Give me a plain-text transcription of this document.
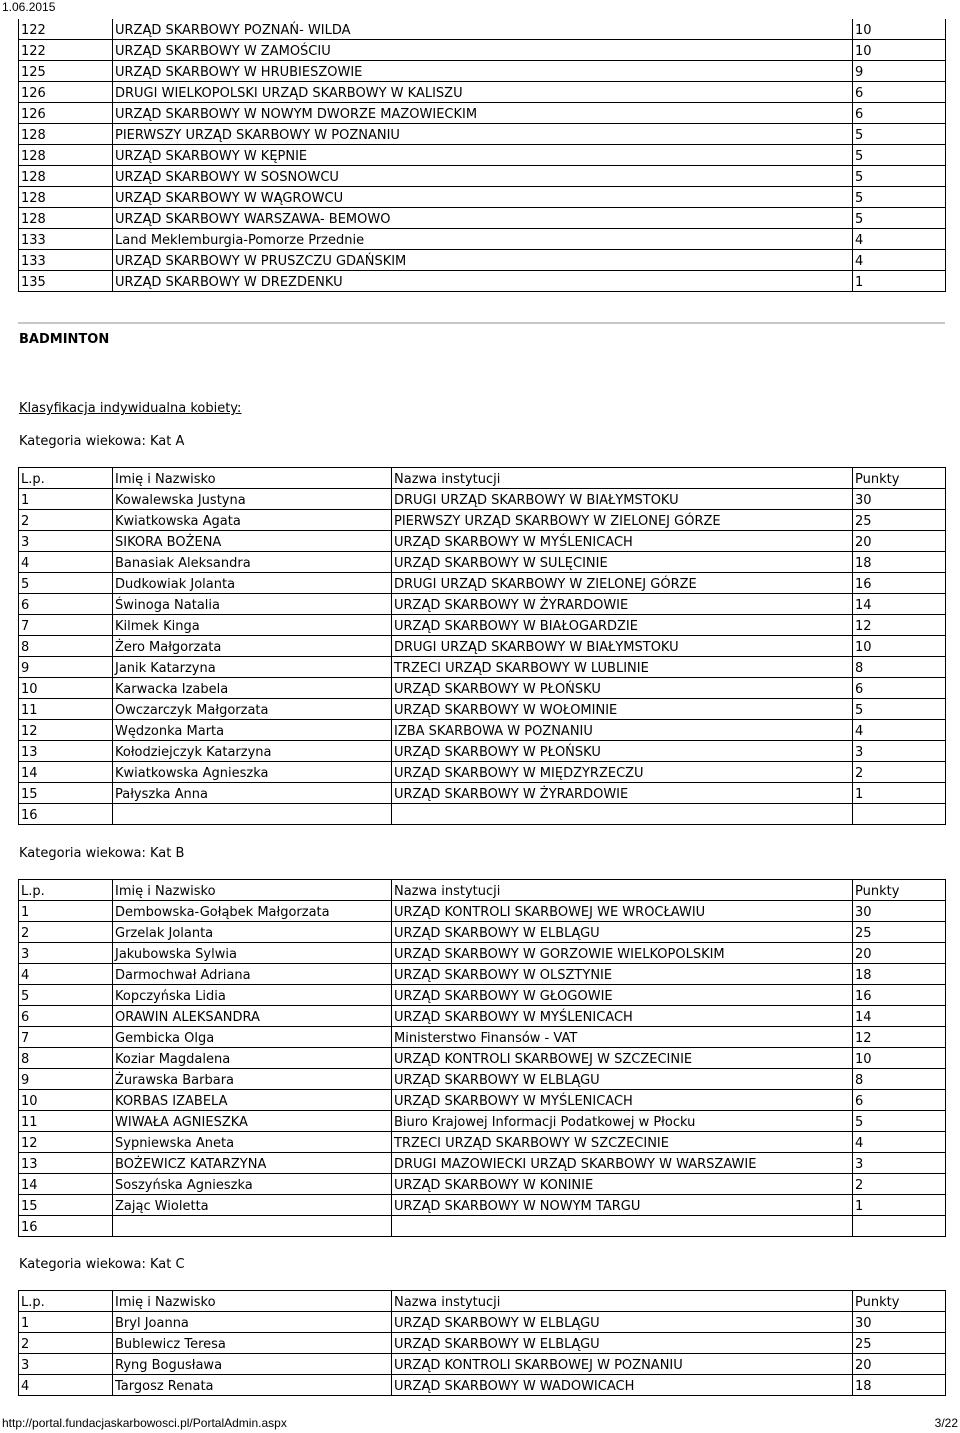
1.06.2015
122	URZĄD SKARBOWY POZNAŃ- WILDA	10
122	URZĄD SKARBOWY W ZAMOŚCIU	10
125	URZĄD SKARBOWY W HRUBIESZOWIE	9
126	DRUGI WIELKOPOLSKI URZĄD SKARBOWY W KALISZU	6
126	URZĄD SKARBOWY W NOWYM DWORZE MAZOWIECKIM	6
128	PIERWSZY URZĄD SKARBOWY W POZNANIU	5
128	URZĄD SKARBOWY W KĘPNIE	5
128	URZĄD SKARBOWY W SOSNOWCU	5
128	URZĄD SKARBOWY W WĄGROWCU	5
128	URZĄD SKARBOWY WARSZAWA- BEMOWO	5
133	Land Meklemburgia-Pomorze Przednie	4
133	URZĄD SKARBOWY W PRUSZCZU GDAŃSKIM	4
135	URZĄD SKARBOWY W DREZDENKU	1
BADMINTON
Klasyfikacja indywidualna kobiety:
Kategoria wiekowa: Kat A
L.p.	Imię i Nazwisko	Nazwa instytucji	Punkty
1	Kowalewska Justyna	DRUGI URZĄD SKARBOWY W BIAŁYMSTOKU	30
2	Kwiatkowska Agata	PIERWSZY URZĄD SKARBOWY W ZIELONEJ GÓRZE	25
3	SIKORA BOŻENA	URZĄD SKARBOWY W MYŚLENICACH	20
4	Banasiak Aleksandra	URZĄD SKARBOWY W SULĘCINIE	18
5	Dudkowiak Jolanta	DRUGI URZĄD SKARBOWY W ZIELONEJ GÓRZE	16
6	Świnoga Natalia	URZĄD SKARBOWY W ŻYRARDOWIE	14
7	Kilmek Kinga	URZĄD SKARBOWY W BIAŁOGARDZIE	12
8	Żero Małgorzata	DRUGI URZĄD SKARBOWY W BIAŁYMSTOKU	10
9	Janik Katarzyna	TRZECI URZĄD SKARBOWY W LUBLINIE	8
10	Karwacka Izabela	URZĄD SKARBOWY W PŁOŃSKU	6
11	Owczarczyk Małgorzata	URZĄD SKARBOWY W WOŁOMINIE	5
12	Wędzonka Marta	IZBA SKARBOWA W POZNANIU	4
13	Kołodziejczyk Katarzyna	URZĄD SKARBOWY W PŁOŃSKU	3
14	Kwiatkowska Agnieszka	URZĄD SKARBOWY W MIĘDZYRZECZU	2
15	Pałyszka Anna	URZĄD SKARBOWY W ŻYRARDOWIE	1
16			
Kategoria wiekowa: Kat B
L.p.	Imię i Nazwisko	Nazwa instytucji	Punkty
1	Dembowska-Gołąbek Małgorzata	URZĄD KONTROLI SKARBOWEJ WE WROCŁAWIU	30
2	Grzelak Jolanta	URZĄD SKARBOWY W ELBLĄGU	25
3	Jakubowska Sylwia	URZĄD SKARBOWY W GORZOWIE WIELKOPOLSKIM	20
4	Darmochwał Adriana	URZĄD SKARBOWY W OLSZTYNIE	18
5	Kopczyńska Lidia	URZĄD SKARBOWY W GŁOGOWIE	16
6	ORAWIN ALEKSANDRA	URZĄD SKARBOWY W MYŚLENICACH	14
7	Gembicka Olga	Ministerstwo Finansów - VAT	12
8	Koziar Magdalena	URZĄD KONTROLI SKARBOWEJ W SZCZECINIE	10
9	Żurawska Barbara	URZĄD SKARBOWY W ELBLĄGU	8
10	KORBAS IZABELA	URZĄD SKARBOWY W MYŚLENICACH	6
11	WIWAŁA AGNIESZKA	Biuro Krajowej Informacji Podatkowej w Płocku	5
12	Sypniewska Aneta	TRZECI URZĄD SKARBOWY W SZCZECINIE	4
13	BOŻEWICZ KATARZYNA	DRUGI MAZOWIECKI URZĄD SKARBOWY W WARSZAWIE	3
14	Soszyńska Agnieszka	URZĄD SKARBOWY W KONINIE	2
15	Zając Wioletta	URZĄD SKARBOWY W NOWYM TARGU	1
16			
Kategoria wiekowa: Kat C
L.p.	Imię i Nazwisko	Nazwa instytucji	Punkty
1	Bryl Joanna	URZĄD SKARBOWY W ELBLĄGU	30
2	Bublewicz Teresa	URZĄD SKARBOWY W ELBLĄGU	25
3	Ryng Bogusława	URZĄD KONTROLI SKARBOWEJ W POZNANIU	20
4	Targosz Renata	URZĄD SKARBOWY W WADOWICACH	18
http://portal.fundacjaskarbowosci.pl/PortalAdmin.aspx	3/22
